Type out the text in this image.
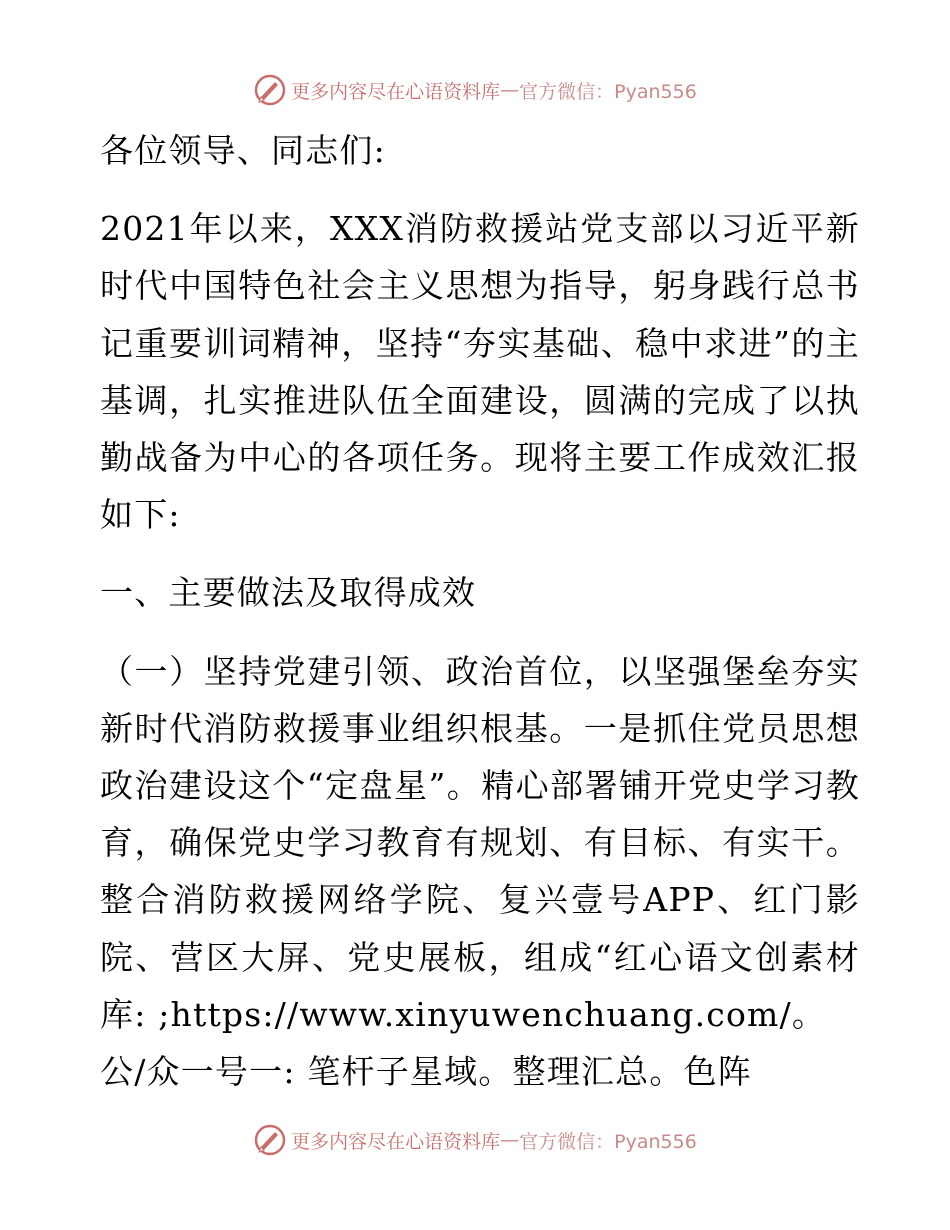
更多内容尽在心语资料库 — 官方微信：Pyan556

各位领导、同志们:

2021年以来，XXX消防救援站党支部以习近平新时代中国特色社会主义思想为指导，躬身践行总书记重要训词精神，坚持“夯实基础、稳中求进”的主基调，扎实推进队伍全面建设，圆满的完成了以执勤战备为中心的各项任务。现将主要工作成效汇报如下:

一、主要做法及取得成效

（一）坚持党建引领、政治首位，以坚强堡垒夯实新时代消防救援事业组织根基。一是抓住党员思想政治建设这个“定盘星”。精心部署铺开党史学习教育，确保党史学习教育有规划、有目标、有实干。整合消防救援网络学院、复兴壹号APP、红门影院、营区大屏、党史展板，组成“红心语文创素材库: ;https://www.xinyuwenchuang.com/。

公/众一号一: 笔杆子星域。整理汇总。色阵

更多内容尽在心语资料库 — 官方微信：Pyan556
